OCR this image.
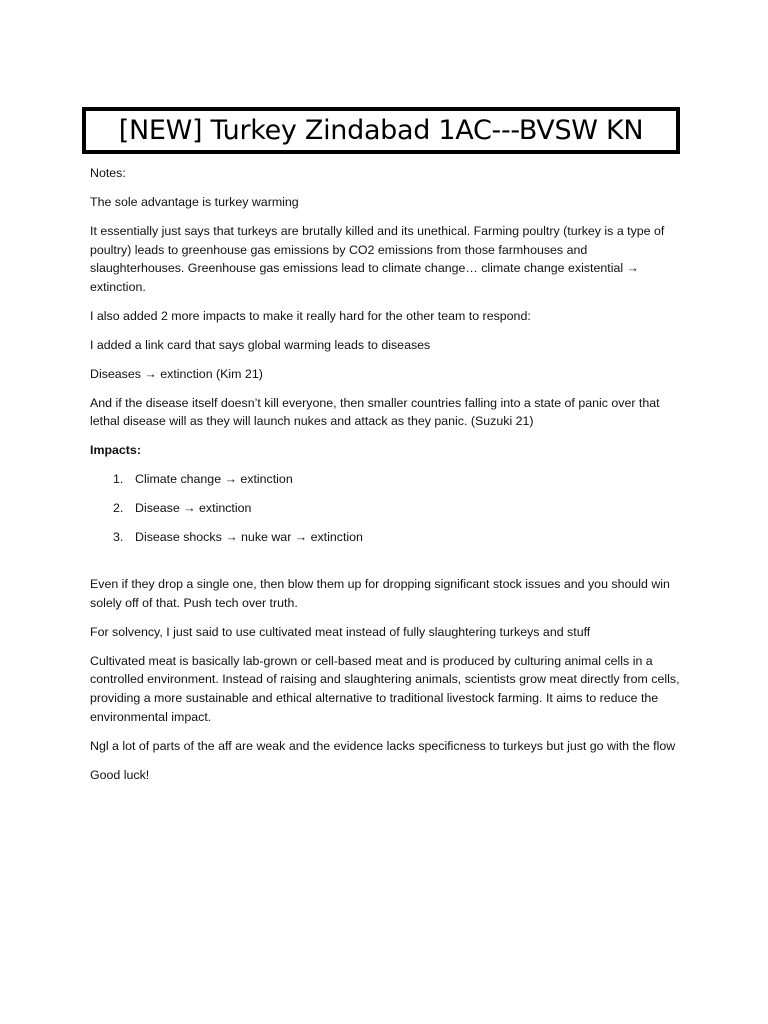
[NEW] Turkey Zindabad 1AC---BVSW KN

Notes:

The sole advantage is turkey warming

It essentially just says that turkeys are brutally killed and its unethical. Farming poultry (turkey is a type of poultry) leads to greenhouse gas emissions by CO2 emissions from those farmhouses and slaughterhouses. Greenhouse gas emissions lead to climate change… climate change existential → extinction.

I also added 2 more impacts to make it really hard for the other team to respond:

I added a link card that says global warming leads to diseases

Diseases → extinction (Kim 21)

And if the disease itself doesn’t kill everyone, then smaller countries falling into a state of panic over that lethal disease will as they will launch nukes and attack as they panic. (Suzuki 21)

Impacts:

1. Climate change → extinction
2. Disease → extinction
3. Disease shocks → nuke war → extinction

Even if they drop a single one, then blow them up for dropping significant stock issues and you should win solely off of that. Push tech over truth.

For solvency, I just said to use cultivated meat instead of fully slaughtering turkeys and stuff

Cultivated meat is basically lab-grown or cell-based meat and is produced by culturing animal cells in a controlled environment. Instead of raising and slaughtering animals, scientists grow meat directly from cells, providing a more sustainable and ethical alternative to traditional livestock farming. It aims to reduce the environmental impact.

Ngl a lot of parts of the aff are weak and the evidence lacks specificness to turkeys but just go with the flow

Good luck!
